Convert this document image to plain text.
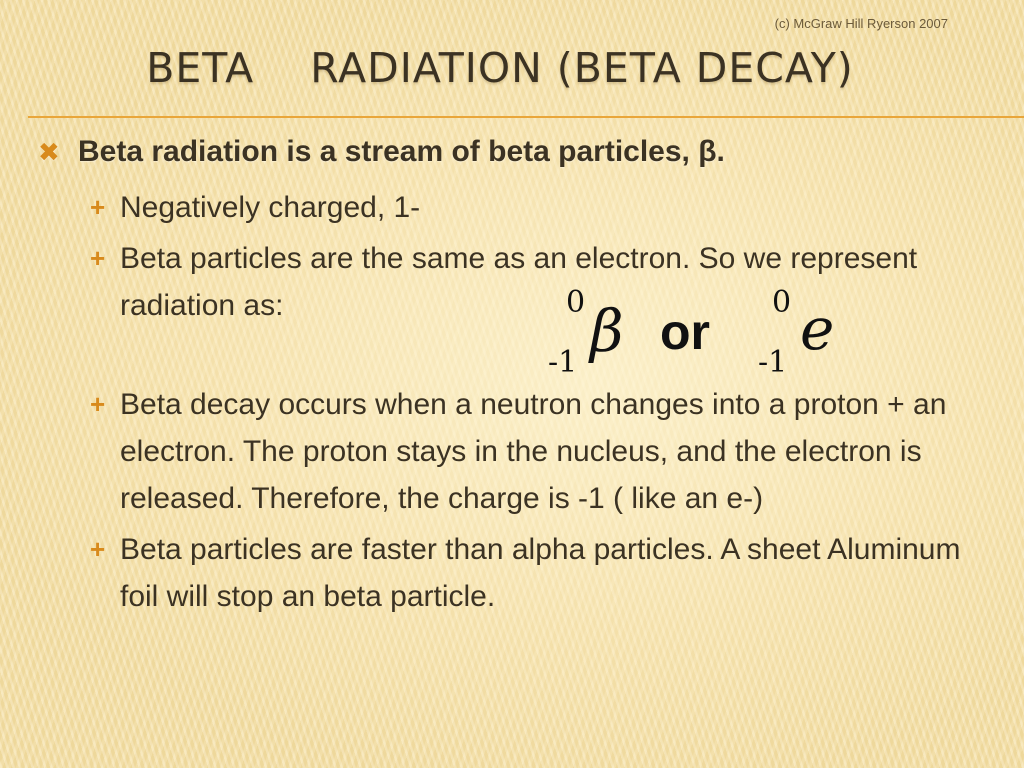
(c) McGraw Hill Ryerson 2007
BETA    RADIATION (BETA DECAY)
✖ Beta radiation is a stream of beta particles, β.
+ Negatively charged, 1-
+ Beta particles are the same as an electron. So we represent radiation as:
+ Beta decay occurs when a neutron changes into a proton + an electron. The proton stays in the nucleus, and the electron is released. Therefore, the charge is -1 ( like an e-)
+ Beta particles are faster than alpha particles. A sheet Aluminum foil will stop an beta particle.
0
-1 β or
0
-1 e
